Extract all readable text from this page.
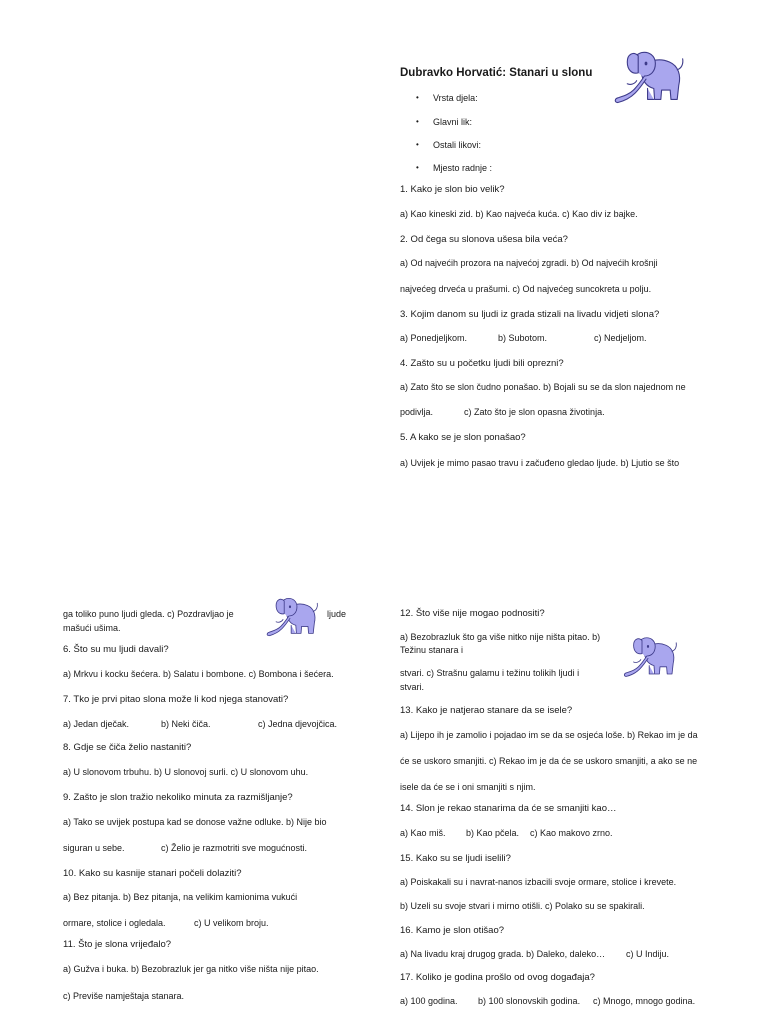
Dubravko Horvatić: Stanari u slonu
• Vrsta djela:
• Glavni lik:
• Ostali likovi:
• Mjesto radnje :
1. Kako je slon bio velik?
a) Kao kineski zid. b) Kao najveća kuća. c) Kao div iz bajke.
2. Od čega su slonova ušesa bila veća?
a) Od najvećih prozora na najvećoj zgradi. b) Od najvećih krošnji
najvećeg drveća u prašumi. c) Od najvećeg suncokreta u polju.
3. Kojim danom su ljudi iz grada stizali na livadu vidjeti slona?
a) Ponedjeljkom.	b) Subotom.	c) Nedjeljom.
4. Zašto su u početku ljudi bili oprezni?
a) Zato što se slon čudno ponašao. b) Bojali su se da slon najednom ne
podivlja.	c) Zato što je slon opasna životinja.
5. A kako se je slon ponašao?
a) Uvijek je mimo pasao travu i začuđeno gledao ljude. b) Ljutio se što
ga toliko puno ljudi gleda. c) Pozdravljao je	ljude
mašući ušima.
6. Što su mu ljudi davali?
a) Mrkvu i kocku šećera. b) Salatu i bombone. c) Bombona i šećera.
7. Tko je prvi pitao slona može li kod njega stanovati?
a) Jedan dječak.	b) Neki čiča.	c) Jedna djevojčica.
8. Gdje se čiča želio nastaniti?
a) U slonovom trbuhu. b) U slonovoj surli. c) U slonovom uhu.
9. Zašto je slon tražio nekoliko minuta za razmišljanje?
a) Tako se uvijek postupa kad se donose važne odluke. b) Nije bio
siguran u sebe.	c) Želio je razmotriti sve mogućnosti.
10. Kako su kasnije stanari počeli dolaziti?
a) Bez pitanja. b) Bez pitanja, na velikim kamionima vukući
ormare, stolice i ogledala.	c) U velikom broju.
11. Što je slona vrijeđalo?
a) Gužva i buka. b) Bezobrazluk jer ga nitko više ništa nije pitao.
c) Previše namještaja stanara.
12. Što više nije mogao podnositi?
a) Bezobrazluk što ga više nitko nije ništa pitao. b)
Težinu stanara i
stvari. c) Strašnu galamu i težinu tolikih ljudi i
stvari.
13. Kako je natjerao stanare da se isele?
a) Lijepo ih je zamolio i pojadao im se da se osjeća loše. b) Rekao im je da
će se uskoro smanjiti. c) Rekao im je da će se uskoro smanjiti, a ako se ne
isele da će se i oni smanjiti s njim.
14. Slon je rekao stanarima da će se smanjiti kao…
a) Kao miš. b) Kao pčela. c) Kao makovo zrno.
15. Kako su se ljudi iselili?
a) Poiskakali su i navrat-nanos izbacili svoje ormare, stolice i krevete.
b) Uzeli su svoje stvari i mirno otišli. c) Polako su se spakirali.
16. Kamo je slon otišao?
a) Na livadu kraj drugog grada. b) Daleko, daleko… c) U Indiju.
17. Koliko je godina prošlo od ovog događaja?
a) 100 godina. b) 100 slonovskih godina. c) Mnogo, mnogo godina.
